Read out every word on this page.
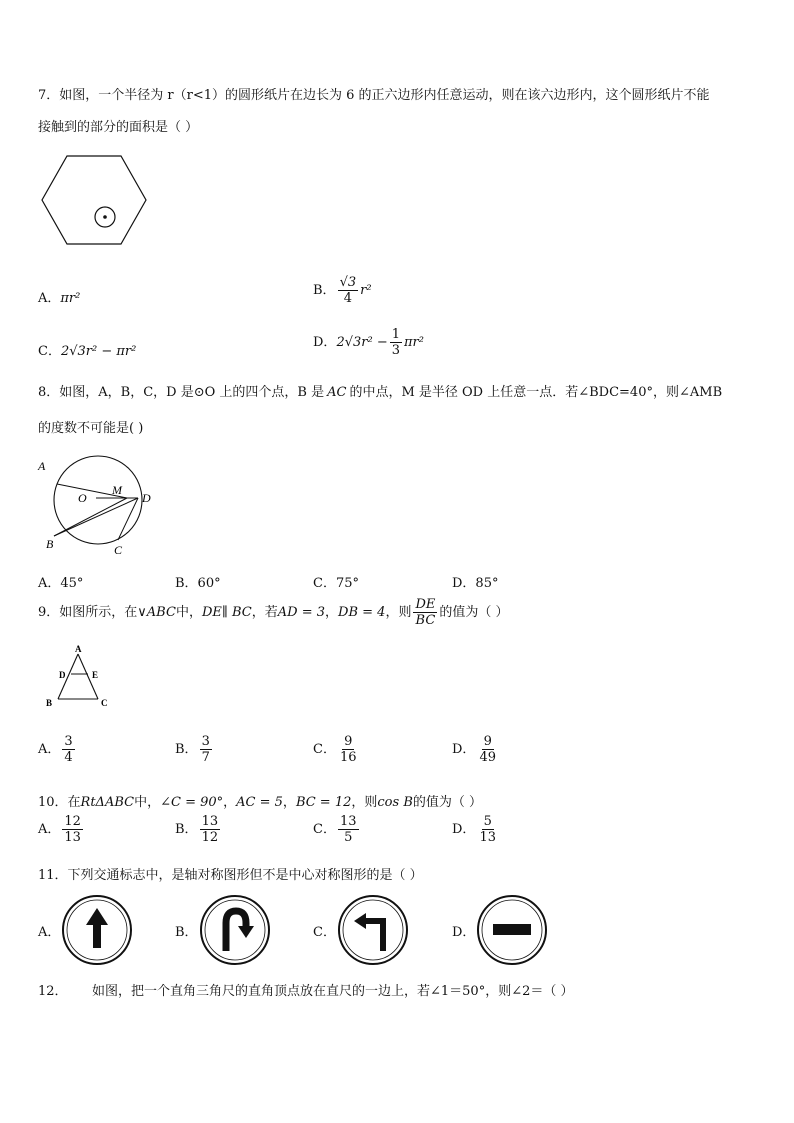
7．如图，一个半径为 r（r<1）的圆形纸片在边长为 6 的正六边形内任意运动，则在该六边形内，这个圆形纸片不能
接触到的部分的面积是（ ）
A．πr²
B． $\frac{√3}{4} r^2$
C．2√3r² − πr²
D．$2√3r^2 - \frac{1}{3} \pi r^2$
8．如图，A，B，C，D 是⊙O 上的四个点，B 是 AC 的中点，M 是半径 OD 上任意一点．若∠BDC=40°，则∠AMB
的度数不可能是( )
A
O
M
D
B	C
A．45°	B．60°	C．75°	D．85°
9．如图所示，在∨ABC中，DE∥ BC，若AD = 3，DB = 4，则 $\frac{DE}{BC}$ 的值为（ ）
A
D	E
B	C
A． $\frac{3}{4}$	B． $\frac{3}{7}$	C． $\frac{9}{16}$	D． $\frac{9}{49}$
10．在RtΔABC中，∠C = 90°，AC = 5，BC = 12，则cos B的值为（ ）
A． $\frac{12}{13}$	B． $\frac{13}{12}$	C． $\frac{13}{5}$	D． $\frac{5}{13}$
11．下列交通标志中，是轴对称图形但不是中心对称图形的是（ ）
A．	B．	C．	D．
12． 如图，把一个直角三角尺的直角顶点放在直尺的一边上，若∠1＝50°，则∠2＝（ ）
